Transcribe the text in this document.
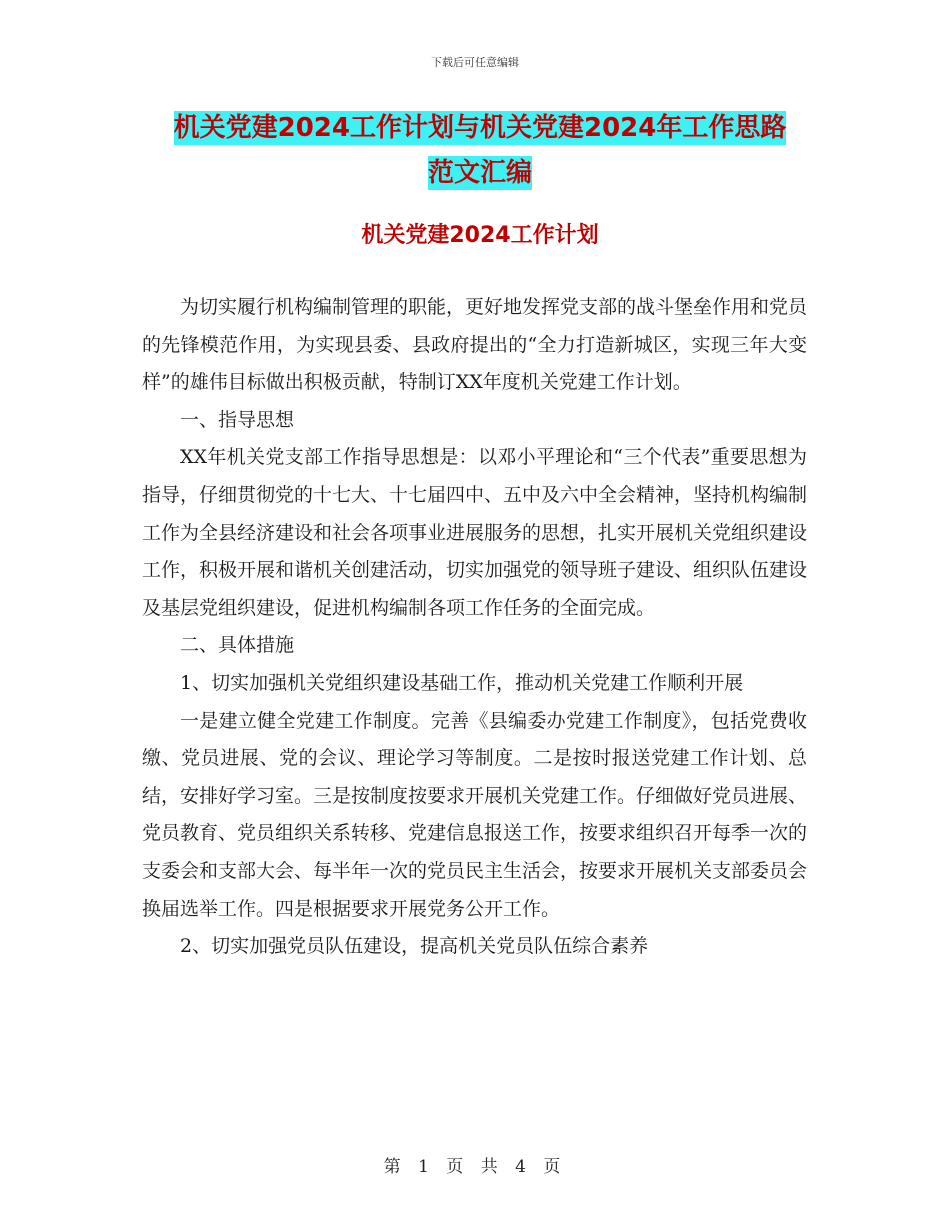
下载后可任意编辑
机关党建2024工作计划与机关党建2024年工作思路
范文汇编
机关党建2024工作计划

为切实履行机构编制管理的职能，更好地发挥党支部的战斗堡垒作用和党员的先锋模范作用，为实现县委、县政府提出的“全力打造新城区，实现三年大变样”的雄伟目标做出积极贡献，特制订XX年度机关党建工作计划。

一、指导思想

XX年机关党支部工作指导思想是：以邓小平理论和“三个代表”重要思想为指导，仔细贯彻党的十七大、十七届四中、五中及六中全会精神，坚持机构编制工作为全县经济建设和社会各项事业进展服务的思想，扎实开展机关党组织建设工作，积极开展和谐机关创建活动，切实加强党的领导班子建设、组织队伍建设及基层党组织建设，促进机构编制各项工作任务的全面完成。

二、具体措施

1、切实加强机关党组织建设基础工作，推动机关党建工作顺利开展

一是建立健全党建工作制度。完善《县编委办党建工作制度》，包括党费收缴、党员进展、党的会议、理论学习等制度。二是按时报送党建工作计划、总结，安排好学习室。三是按制度按要求开展机关党建工作。仔细做好党员进展、党员教育、党员组织关系转移、党建信息报送工作，按要求组织召开每季一次的支委会和支部大会、每半年一次的党员民主生活会，按要求开展机关支部委员会换届选举工作。四是根据要求开展党务公开工作。

2、切实加强党员队伍建设，提高机关党员队伍综合素养

第 1 页 共 4 页
